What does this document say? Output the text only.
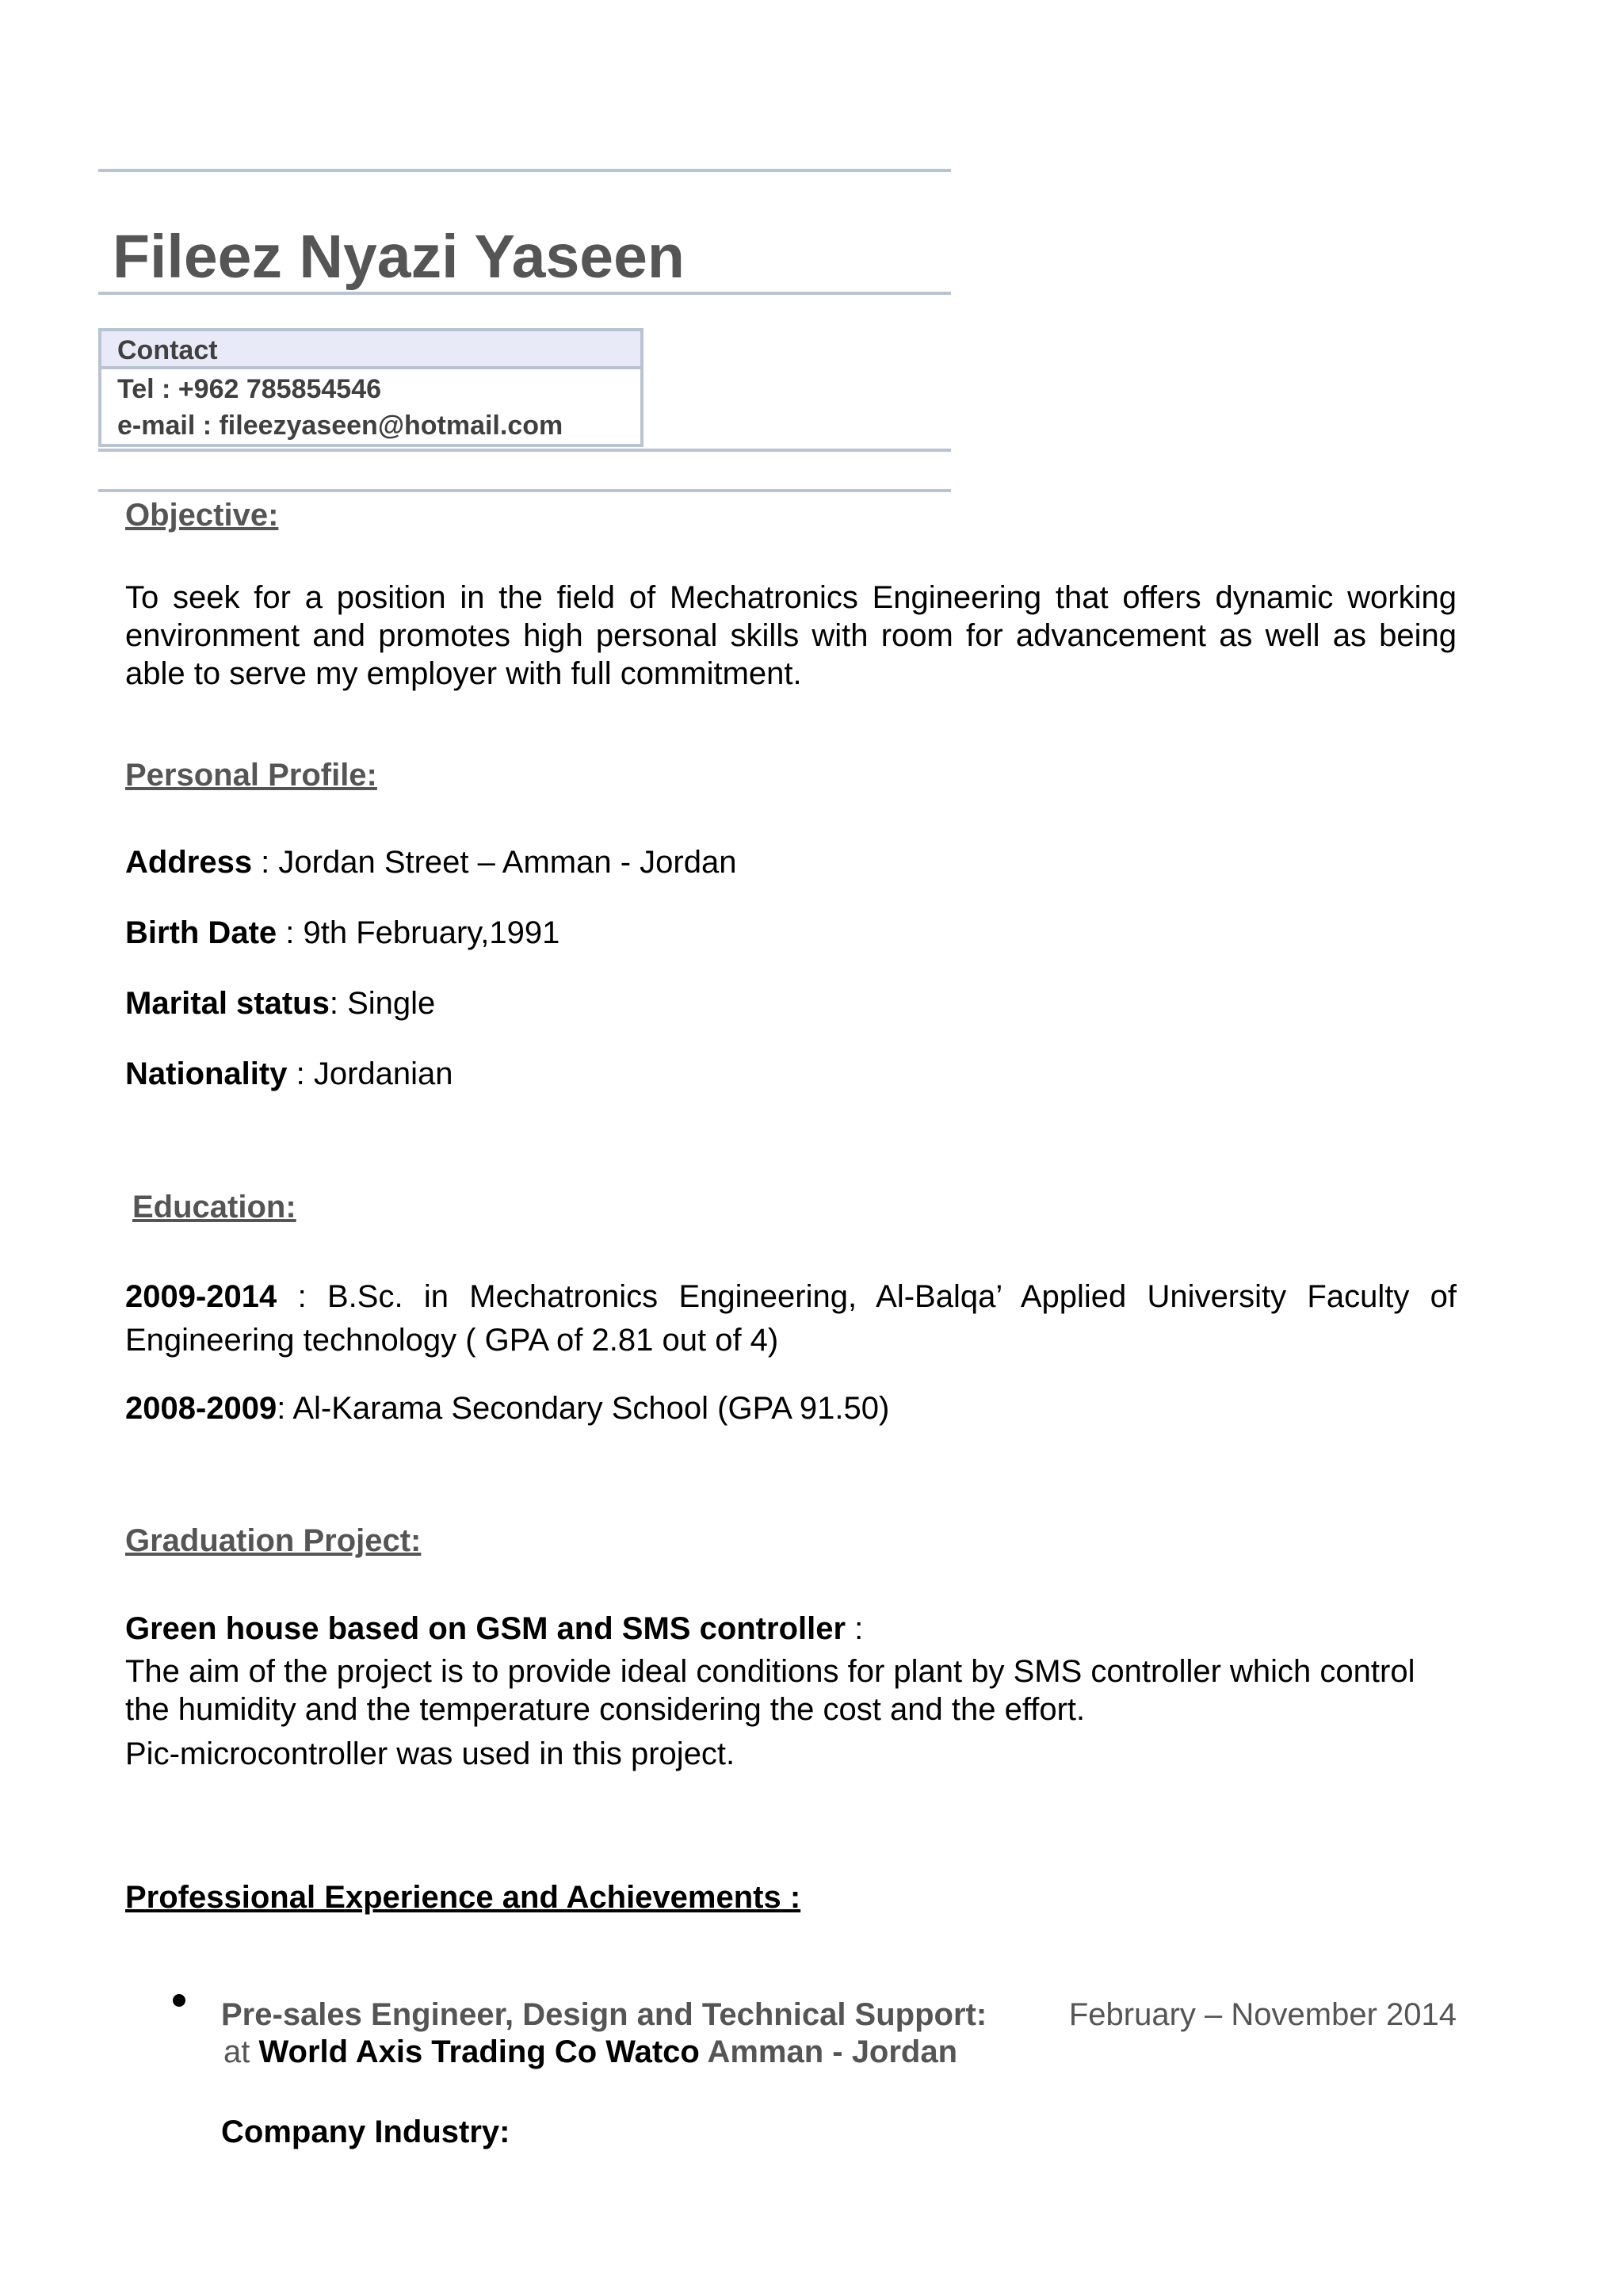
Fileez Nyazi Yaseen
Contact
Tel : +962 785854546
e-mail : fileezyaseen@hotmail.com
Objective:
To seek for a position in the field of Mechatronics Engineering that offers dynamic working environment and promotes high personal skills with room for advancement as well as being able to serve my employer with full commitment.
Personal Profile:
Address : Jordan Street – Amman - Jordan
Birth Date : 9th February,1991
Marital status: Single
Nationality : Jordanian
Education:
2009-2014 : B.Sc. in Mechatronics Engineering, Al-Balqa’ Applied University Faculty of Engineering technology ( GPA of 2.81 out of 4)
2008-2009: Al-Karama Secondary School (GPA 91.50)
Graduation Project:
Green house based on GSM and SMS controller :
The aim of the project is to provide ideal conditions for plant by SMS controller which control the humidity and the temperature considering the cost and the effort.
Pic-microcontroller was used in this project.
Professional Experience and Achievements :
Pre-sales Engineer, Design and Technical Support:	February – November 2014
at World Axis Trading Co Watco Amman - Jordan
Company Industry:
